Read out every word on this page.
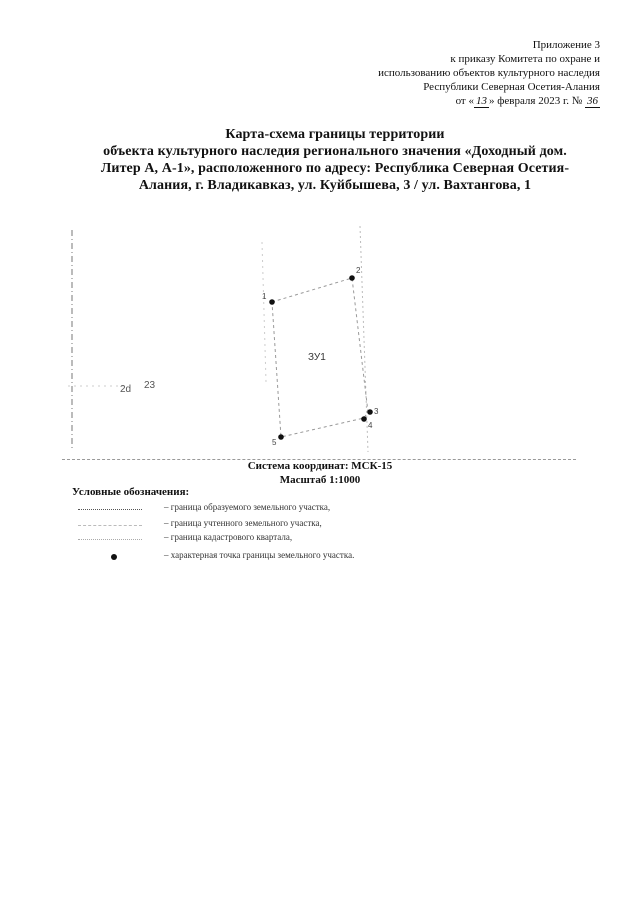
Приложение 3
к приказу Комитета по охране и
использованию объектов культурного наследия
Республики Северная Осетия-Алания
от « 13 » февраля 2023 г. № 36
Карта-схема границы территории
объекта культурного наследия регионального значения «Доходный дом.
Литер А, А-1», расположенного по адресу: Республика Северная Осетия-
Алания, г. Владикавказ, ул. Куйбышева, 3 / ул. Вахтангова, 1
1
2
3
4
5
ЗУ1
2d 23
Система координат: МСК-15
Масштаб 1:1000
Условные обозначения:
– граница образуемого земельного участка,
– граница учтенного земельного участка,
– граница кадастрового квартала,
– характерная точка границы земельного участка.
